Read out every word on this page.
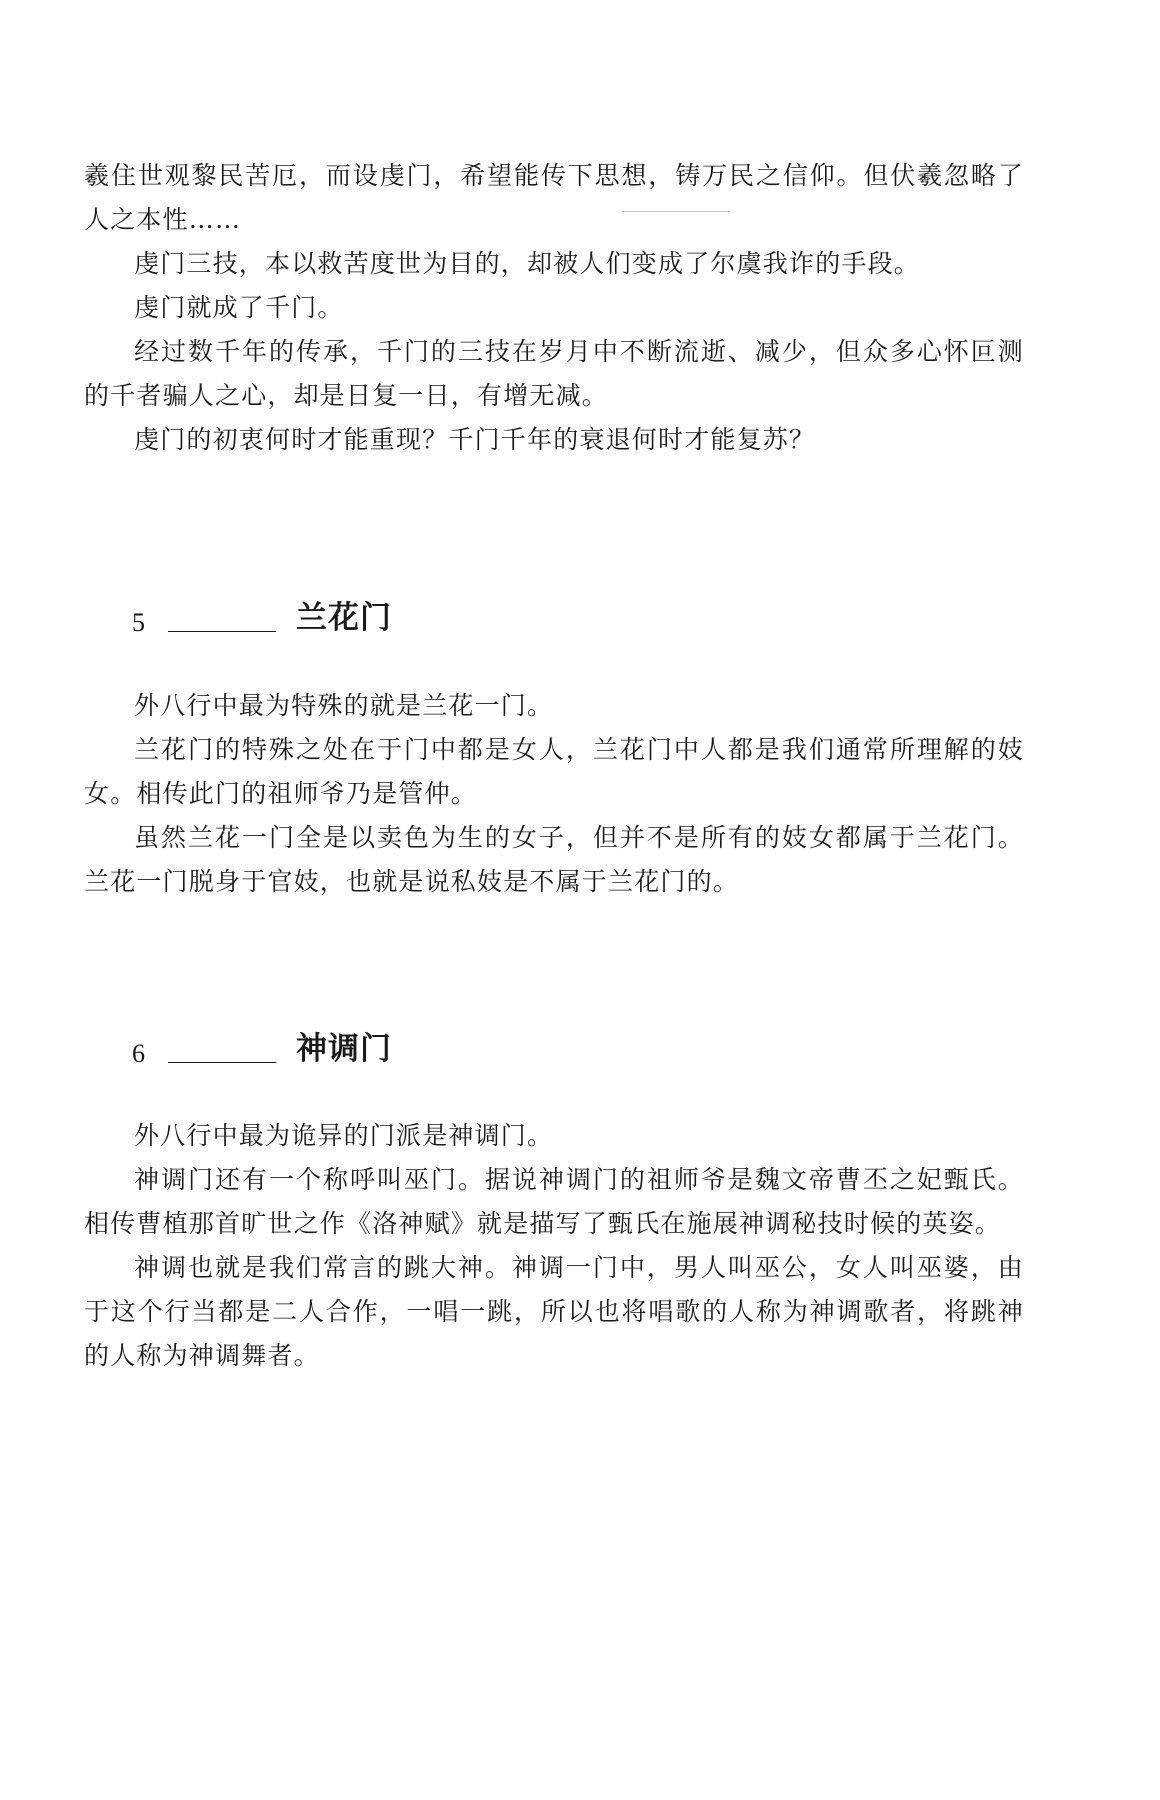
羲住世观黎民苦厄，而设虔门，希望能传下思想，铸万民之信仰。但伏羲忽略了人之本性……

虔门三技，本以救苦度世为目的，却被人们变成了尔虞我诈的手段。

虔门就成了千门。

经过数千年的传承，千门的三技在岁月中不断流逝、减少，但众多心怀叵测的千者骗人之心，却是日复一日，有增无减。

虔门的初衷何时才能重现？千门千年的衰退何时才能复苏？

5	兰花门

外八行中最为特殊的就是兰花一门。

兰花门的特殊之处在于门中都是女人，兰花门中人都是我们通常所理解的妓女。相传此门的祖师爷乃是管仲。

虽然兰花一门全是以卖色为生的女子，但并不是所有的妓女都属于兰花门。兰花一门脱身于官妓，也就是说私妓是不属于兰花门的。

6	神调门

外八行中最为诡异的门派是神调门。

神调门还有一个称呼叫巫门。据说神调门的祖师爷是魏文帝曹丕之妃甄氏。相传曹植那首旷世之作《洛神赋》就是描写了甄氏在施展神调秘技时候的英姿。

神调也就是我们常言的跳大神。神调一门中，男人叫巫公，女人叫巫婆，由于这个行当都是二人合作，一唱一跳，所以也将唱歌的人称为神调歌者，将跳神的人称为神调舞者。
